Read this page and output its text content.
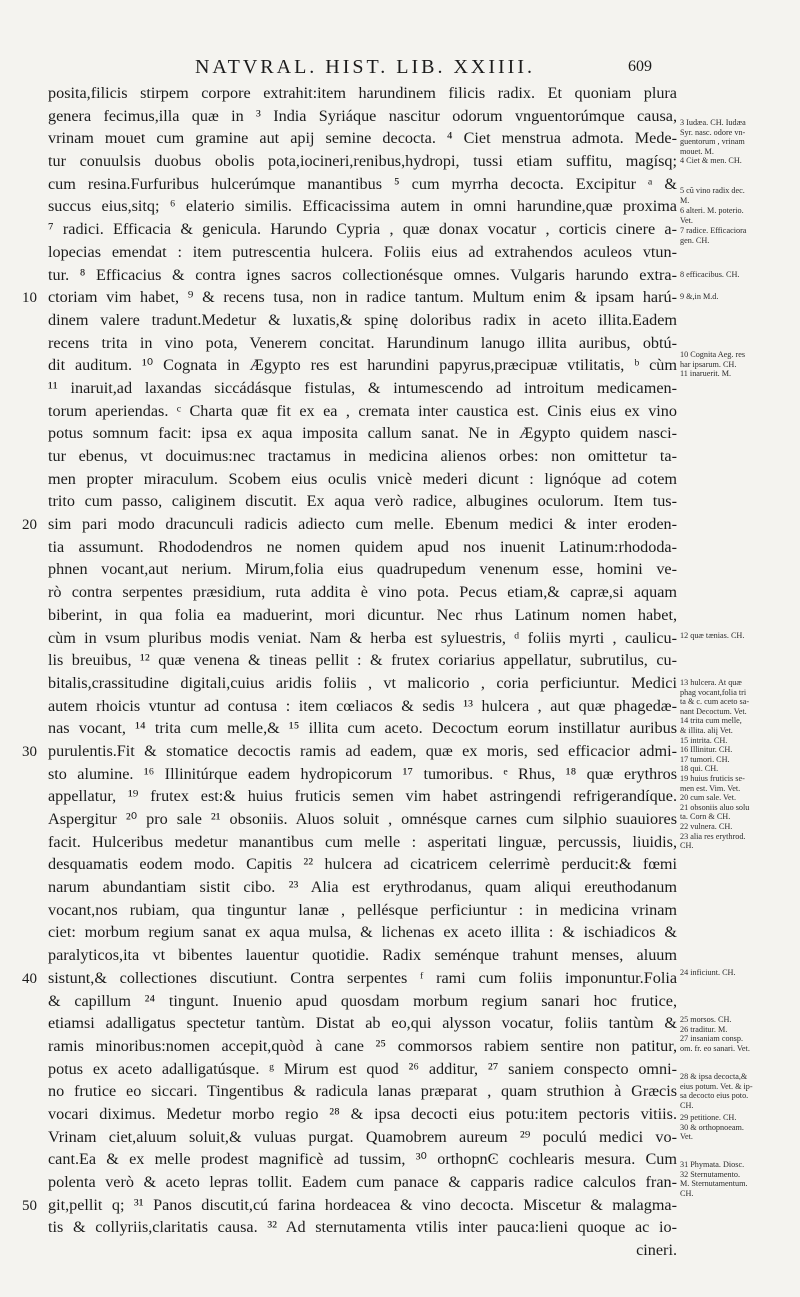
NATVRAL. HIST. LIB. XXIIII.	609
posita,filicis stirpem corpore extrahit:item harundinem filicis radix. Et quoniam plura
genera fecimus,illa quæ in ³ India Syriáque nascitur odorum vnguentorúmque causa,
vrinam mouet cum gramine aut apij semine decocta. ⁴ Ciet menstrua admota. Mede-
tur conuulsis duobus obolis pota,iocineri,renibus,hydropi, tussi etiam suffitu, magísq;
cum resina.Furfuribus hulcerúmque manantibus ⁵ cum myrrha decocta. Excipitur ᵃ &
succus eius,sitq; ⁶ elaterio similis. Efficacissima autem in omni harundine,quæ proxima
⁷ radici. Efficacia & genicula. Harundo Cypria , quæ donax vocatur , corticis cinere a-
lopecias emendat : item putrescentia hulcera. Foliis eius ad extrahendos aculeos vtun-
tur. ⁸ Efficacius & contra ignes sacros collectionésque omnes. Vulgaris harundo extra-
10 ctoriam vim habet, ⁹ & recens tusa, non in radice tantum. Multum enim & ipsam harú-
dinem valere tradunt.Medetur & luxatis,& spinę doloribus radix in aceto illita.Eadem
recens trita in vino pota, Venerem concitat. Harundinum lanugo illita auribus, obtú-
dit auditum. ¹⁰ Cognata in Ægypto res est harundini papyrus,præcipuæ vtilitatis, ᵇ cùm
¹¹ inaruit,ad laxandas siccádásque fistulas, & intumescendo ad introitum medicamen-
torum aperiendas. ᶜ Charta quæ fit ex ea , cremata inter caustica est. Cinis eius ex vino
potus somnum facit: ipsa ex aqua imposita callum sanat. Ne in Ægypto quidem nasci-
tur ebenus, vt docuimus:nec tractamus in medicina alienos orbes: non omittetur ta-
men propter miraculum. Scobem eius oculis vnicè mederi dicunt : lignóque ad cotem
trito cum passo, caliginem discutit. Ex aqua verò radice, albugines oculorum. Item tus-
20 sim pari modo dracunculi radicis adiecto cum melle. Ebenum medici & inter eroden-
tia assumunt. Rhododendros ne nomen quidem apud nos inuenit Latinum:rhododa-
phnen vocant,aut nerium. Mirum,folia eius quadrupedum venenum esse, homini ve-
rò contra serpentes præsidium, ruta addita è vino pota. Pecus etiam,& capræ,si aquam
biberint, in qua folia ea maduerint, mori dicuntur. Nec rhus Latinum nomen habet,
cùm in vsum pluribus modis veniat. Nam & herba est syluestris, ᵈ foliis myrti , caulicu-
lis breuibus, ¹² quæ venena & tineas pellit : & frutex coriarius appellatur, subrutilus, cu-
bitalis,crassitudine digitali,cuius aridis foliis , vt malicorio , coria perficiuntur. Medici
autem rhoicis vtuntur ad contusa : item cœliacos & sedis ¹³ hulcera , aut quæ phagedæ-
nas vocant, ¹⁴ trita cum melle,& ¹⁵ illita cum aceto. Decoctum eorum instillatur auribus
30 purulentis.Fit & stomatice decoctis ramis ad eadem, quæ ex moris, sed efficacior admi-
sto alumine. ¹⁶ Illinitúrque eadem hydropicorum ¹⁷ tumoribus. ᵉ Rhus, ¹⁸ quæ erythros
appellatur, ¹⁹ frutex est:& huius fruticis semen vim habet astringendi refrigerandíque.
Aspergitur ²⁰ pro sale ²¹ obsoniis. Aluos soluit , omnésque carnes cum silphio suauiores
facit. Hulceribus medetur manantibus cum melle : asperitati linguæ, percussis, liuidis,
desquamatis eodem modo. Capitis ²² hulcera ad cicatricem celerrimè perducit:& fœmi
narum abundantiam sistit cibo. ²³ Alia est erythrodanus, quam aliqui ereuthodanum
vocant,nos rubiam, qua tinguntur lanæ , pellésque perficiuntur : in medicina vrinam
ciet: morbum regium sanat ex aqua mulsa, & lichenas ex aceto illita : & ischiadicos &
paralyticos,ita vt bibentes lauentur quotidie. Radix seménque trahunt menses, aluum
40 sistunt,& collectiones discutiunt. Contra serpentes ᶠ rami cum foliis imponuntur.Folia
& capillum ²⁴ tingunt. Inuenio apud quosdam morbum regium sanari hoc frutice,
etiamsi adalligatus spectetur tantùm. Distat ab eo,qui alysson vocatur, foliis tantùm &
ramis minoribus:nomen accepit,quòd à cane ²⁵ commorsos rabiem sentire non patitur,
potus ex aceto adalligatúsque. ᵍ Mirum est quod ²⁶ additur, ²⁷ saniem conspecto omni-
no frutice eo siccari. Tingentibus & radicula lanas præparat , quam struthion à Græcis
vocari diximus. Medetur morbo regio ²⁸ & ipsa decocti eius potu:item pectoris vitiis.
Vrinam ciet,aluum soluit,& vuluas purgat. Quamobrem aureum ²⁹ poculú medici vo-
cant.Ea & ex melle prodest magnificè ad tussim, ³⁰ orthopnϾ cochlearis mesura. Cum
polenta verò & aceto lepras tollit. Eadem cum panace & capparis radice calculos fran-
50 git,pellit q; ³¹ Panos discutit,cú farina hordeacea & vino decocta. Miscetur & malagma-
tis & collyriis,claritatis causa. ³² Ad sternutamenta vtilis inter pauca:lieni quoque ac io-
cineri.
3 Iudæa. CH. Iudæa
Syr. nasc. odore vn-
guentorum , vrinam
mouet. M.
4 Ciet & men. CH.
5 cũ vino radix dec.
M.
6 alteri. M. poterio.
Vet.
7 radice. Efficaciora
gen. CH.
8 efficacibus. CH.
9 &,in M.d.
10 Cognita Aeg. res
har ipsarum. CH.
11 inaruerit. M.
12 quæ tænias. CH.
13 hulcera. At quæ
phag vocant,folia tri
ta & c. cum aceto sa-
nant Decoctum. Vet.
14 trita cum melle,
& illita. aliį Vet.
15 intrita. CH.
16 Illinitur. CH.
17 tumori. CH.
18 qui. CH.
19 huius fruticis se-
men est. Vim. Vet.
20 cum sale. Vet.
21 obsoniis aluo solu
ta. Corn & CH.
22 vulnera. CH.
23 alia res erythrod.
CH.
24 inficiunt. CH.
25 morsos. CH.
26 traditur. M.
27 insaniam consp.
om. fr. eo sanari. Vet.
28 & ipsa decocta,&
eius potum. Vet. & ip-
sa decocto eius poto.
CH.
29 petitione. CH.
30 & orthopnoeam.
Vet.
31 Phymata. Diosc.
32 Sternutamento.
M. Sternutamentum.
CH.
